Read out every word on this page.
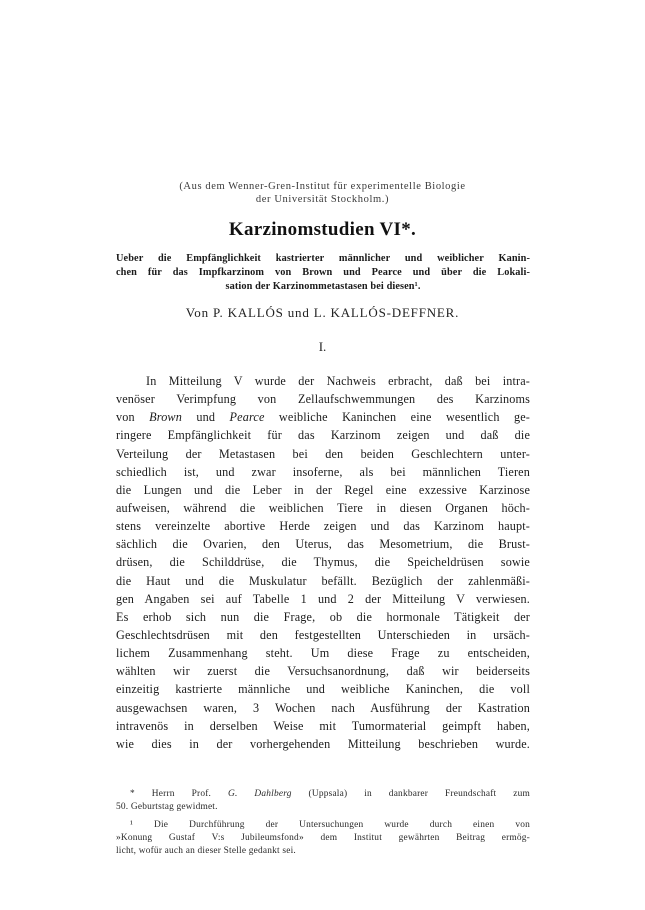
(Aus dem Wenner-Gren-Institut für experimentelle Biologie
der Universität Stockholm.)
Karzinomstudien VI*.
Ueber die Empfänglichkeit kastrierter männlicher und weiblicher Kanin-
chen für das Impfkarzinom von Brown und Pearce und über die Lokali-
sation der Karzinommetastasen bei diesen¹.
Von P. KALLÓS und L. KALLÓS-DEFFNER.
I.
In Mitteilung V wurde der Nachweis erbracht, daß bei intra-
venöser Verimpfung von Zellaufschwemmungen des Karzinoms
von Brown und Pearce weibliche Kaninchen eine wesentlich ge-
ringere Empfänglichkeit für das Karzinom zeigen und daß die
Verteilung der Metastasen bei den beiden Geschlechtern unter-
schiedlich ist, und zwar insoferne, als bei männlichen Tieren
die Lungen und die Leber in der Regel eine exzessive Karzinose
aufweisen, während die weiblichen Tiere in diesen Organen höch-
stens vereinzelte abortive Herde zeigen und das Karzinom haupt-
sächlich die Ovarien, den Uterus, das Mesometrium, die Brust-
drüsen, die Schilddrüse, die Thymus, die Speicheldrüsen sowie
die Haut und die Muskulatur befällt. Bezüglich der zahlenmäßi-
gen Angaben sei auf Tabelle 1 und 2 der Mitteilung V verwiesen.
Es erhob sich nun die Frage, ob die hormonale Tätigkeit der
Geschlechtsdrüsen mit den festgestellten Unterschieden in ursäch-
lichem Zusammenhang steht. Um diese Frage zu entscheiden,
wählten wir zuerst die Versuchsanordnung, daß wir beiderseits
einzeitig kastrierte männliche und weibliche Kaninchen, die voll
ausgewachsen waren, 3 Wochen nach Ausführung der Kastration
intravenös in derselben Weise mit Tumormaterial geimpft haben,
wie dies in der vorhergehenden Mitteilung beschrieben wurde.
* Herrn Prof. G. Dahlberg (Uppsala) in dankbarer Freundschaft zum
50. Geburtstag gewidmet.
¹ Die Durchführung der Untersuchungen wurde durch einen von
»Konung Gustaf V:s Jubileumsfond» dem Institut gewährten Beitrag ermög-
licht, wofür auch an dieser Stelle gedankt sei.
